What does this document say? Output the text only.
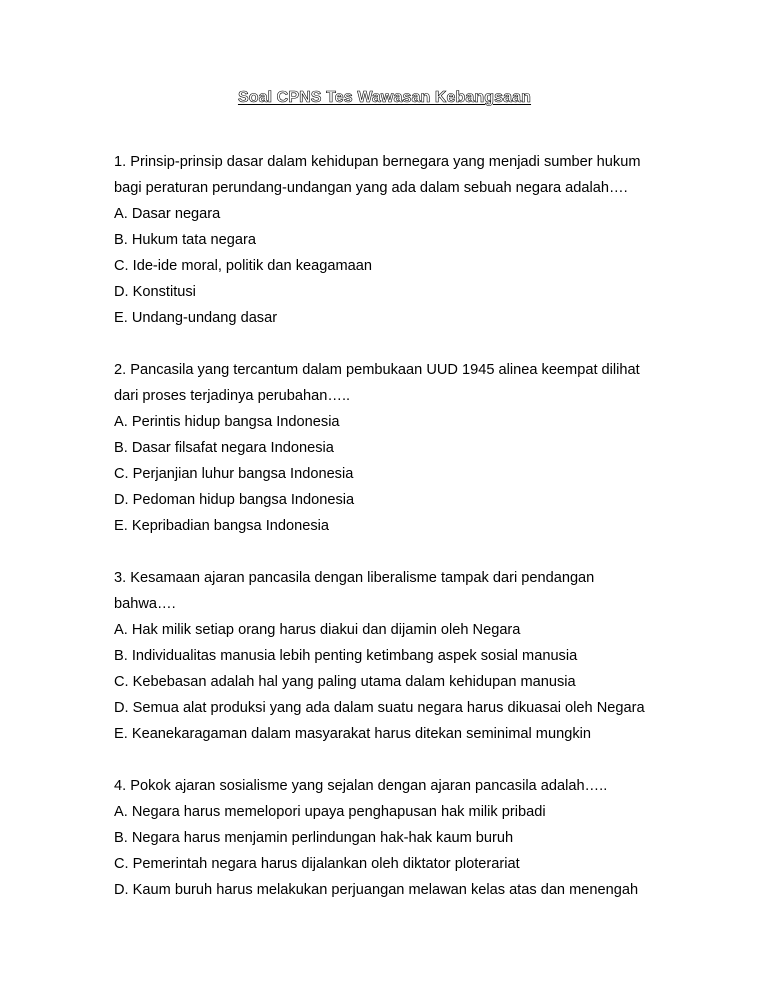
Soal CPNS Tes Wawasan Kebangsaan
1. Prinsip-prinsip dasar dalam kehidupan bernegara yang menjadi sumber hukum
bagi peraturan perundang-undangan yang ada dalam sebuah negara adalah….
A. Dasar negara
B. Hukum tata negara
C. Ide-ide moral, politik dan keagamaan
D. Konstitusi
E. Undang-undang dasar
2. Pancasila yang tercantum dalam pembukaan UUD 1945 alinea keempat dilihat
dari proses terjadinya perubahan…..
A. Perintis hidup bangsa Indonesia
B. Dasar filsafat negara Indonesia
C. Perjanjian luhur bangsa Indonesia
D. Pedoman hidup bangsa Indonesia
E. Kepribadian bangsa Indonesia
3. Kesamaan ajaran pancasila dengan liberalisme tampak dari pendangan
bahwa….
A. Hak milik setiap orang harus diakui dan dijamin oleh Negara
B. Individualitas manusia lebih penting ketimbang aspek sosial manusia
C. Kebebasan adalah hal yang paling utama dalam kehidupan manusia
D. Semua alat produksi yang ada dalam suatu negara harus dikuasai oleh Negara
E. Keanekaragaman dalam masyarakat harus ditekan seminimal mungkin
4. Pokok ajaran sosialisme yang sejalan dengan ajaran pancasila adalah…..
A. Negara harus memelopori upaya penghapusan hak milik pribadi
B. Negara harus menjamin perlindungan hak-hak kaum buruh
C. Pemerintah negara harus dijalankan oleh diktator ploterariat
D. Kaum buruh harus melakukan perjuangan melawan kelas atas dan menengah
